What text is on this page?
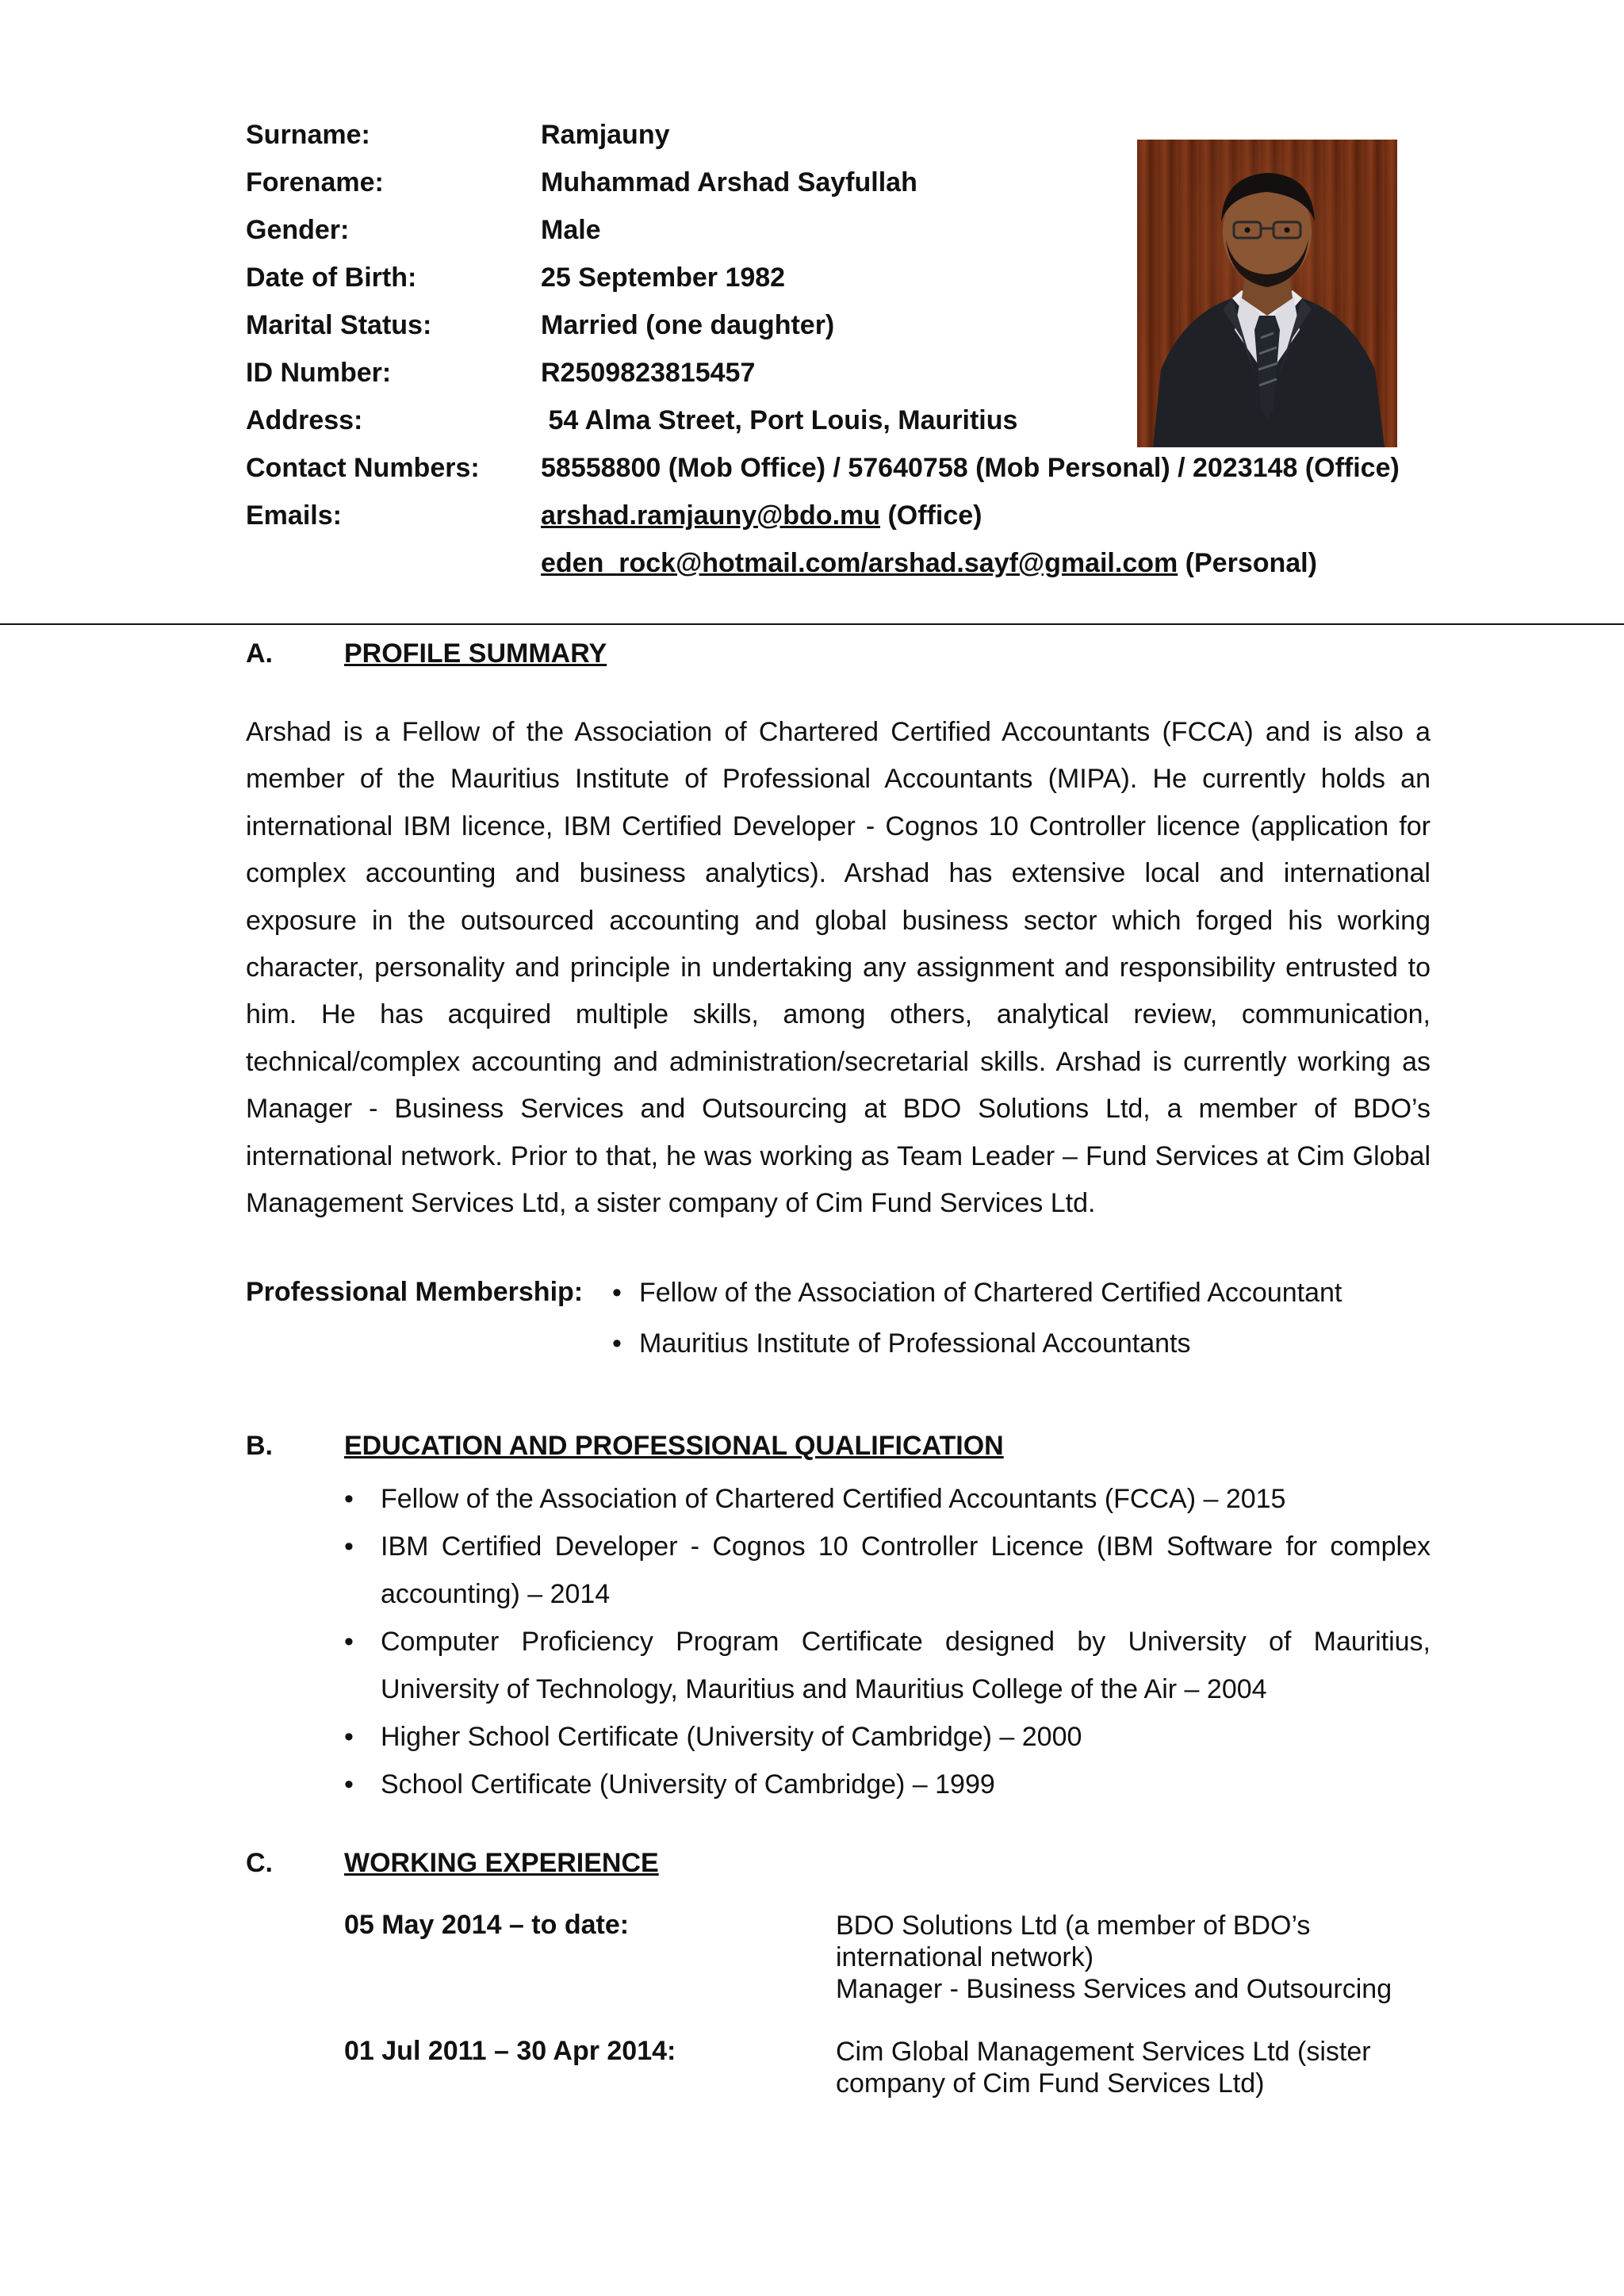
Surname:	Ramjauny
Forename:	Muhammad Arshad Sayfullah
Gender:	Male
Date of Birth:	25 September 1982
Marital Status:	Married (one daughter)
ID Number:	R2509823815457
Address:	54 Alma Street, Port Louis, Mauritius
Contact Numbers:	58558800 (Mob Office) / 57640758 (Mob Personal) / 2023148 (Office)
Emails:	arshad.ramjauny@bdo.mu (Office)
eden_rock@hotmail.com/arshad.sayf@gmail.com (Personal)
A.	PROFILE SUMMARY

Arshad is a Fellow of the Association of Chartered Certified Accountants (FCCA) and is also a member of the Mauritius Institute of Professional Accountants (MIPA). He currently holds an international IBM licence, IBM Certified Developer - Cognos 10 Controller licence (application for complex accounting and business analytics). Arshad has extensive local and international exposure in the outsourced accounting and global business sector which forged his working character, personality and principle in undertaking any assignment and responsibility entrusted to him. He has acquired multiple skills, among others, analytical review, communication, technical/complex accounting and administration/secretarial skills. Arshad is currently working as Manager - Business Services and Outsourcing at BDO Solutions Ltd, a member of BDO’s international network. Prior to that, he was working as Team Leader – Fund Services at Cim Global Management Services Ltd, a sister company of Cim Fund Services Ltd.

Professional Membership:
•	Fellow of the Association of Chartered Certified Accountant
• Mauritius Institute of Professional Accountants
B.	EDUCATION AND PROFESSIONAL QUALIFICATION
• Fellow of the Association of Chartered Certified Accountants (FCCA) – 2015
• IBM Certified Developer - Cognos 10 Controller Licence (IBM Software for complex accounting) – 2014
• Computer Proficiency Program Certificate designed by University of Mauritius, University of Technology, Mauritius and Mauritius College of the Air – 2004
• Higher School Certificate (University of Cambridge) – 2000
• School Certificate (University of Cambridge) – 1999
C.	WORKING EXPERIENCE
05 May 2014 – to date:	BDO Solutions Ltd (a member of BDO’s
international network)
Manager - Business Services and Outsourcing
01 Jul 2011 – 30 Apr 2014:	Cim Global Management Services Ltd (sister
company of Cim Fund Services Ltd)
